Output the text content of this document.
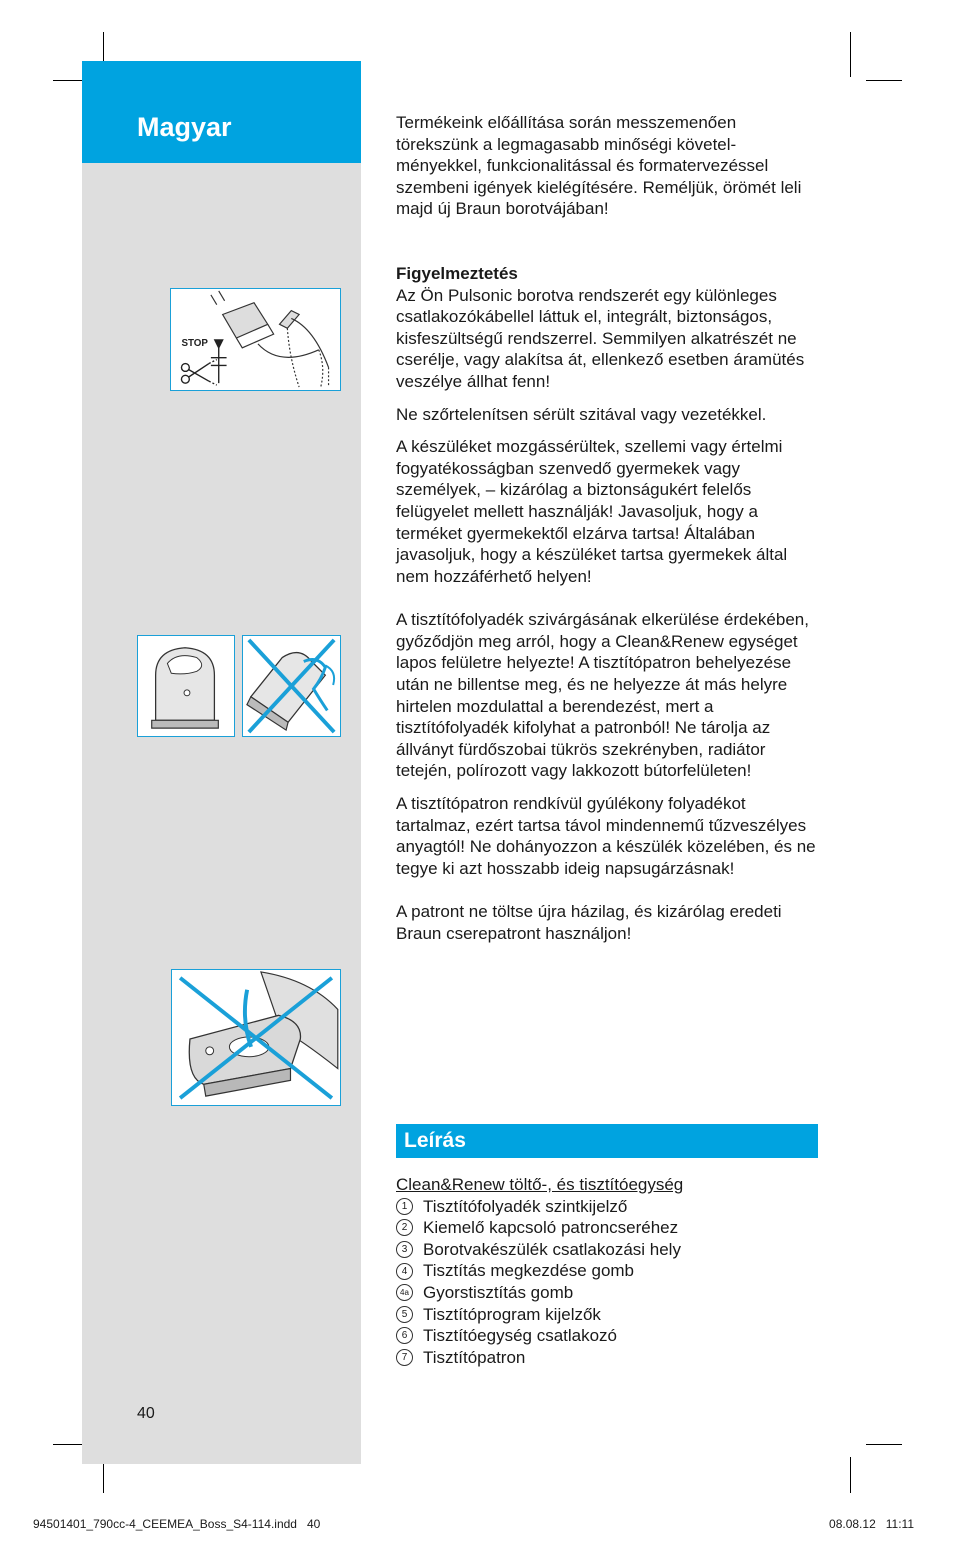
Magyar
STOP
40

Termékeink előállítása során messzemenően törekszünk a legmagasabb minőségi követel-ményekkel, funkcionalitással és formatervezéssel szembeni igények kielégítésére. Reméljük, örömét leli majd új Braun borotvájában!

Figyelmeztetés
Az Ön Pulsonic borotva rendszerét egy különleges csatlakozókábellel láttuk el, integrált, biztonságos, kisfeszültségű rendszerrel. Semmilyen alkatrészét ne cserélje, vagy alakítsa át, ellenkező esetben áramütés veszélye állhat fenn!

Ne szőrtelenítsen sérült szitával vagy vezetékkel.

A készüléket mozgássérültek, szellemi vagy értelmi fogyatékosságban szenvedő gyermekek vagy személyek, – kizárólag a biztonságukért felelős felügyelet mellett használják! Javasoljuk, hogy a terméket gyermekektől elzárva tartsa! Általában javasoljuk, hogy a készüléket tartsa gyermekek által nem hozzáférhető helyen!

A tisztítófolyadék szivárgásának elkerülése érdekében, győződjön meg arról, hogy a Clean&Renew egységet lapos felületre helyezte! A tisztítópatron behelyezése után ne billentse meg, és ne helyezze át más helyre hirtelen mozdulattal a berendezést, mert a tisztítófolyadék kifolyhat a patronból! Ne tárolja az állványt fürdőszobai tükrös szekrényben, radiátor tetején, polírozott vagy lakkozott bútorfelületen!

A tisztítópatron rendkívül gyúlékony folyadékot tartalmaz, ezért tartsa távol mindennemű tűzveszélyes anyagtól! Ne dohányozzon a készülék közelében, és ne tegye ki azt hosszabb ideig napsugárzásnak!

A patront ne töltse újra házilag, és kizárólag eredeti Braun cserepatront használjon!

Leírás
Clean&Renew töltő-, és tisztítóegység
1 Tisztítófolyadék szintkijelző
2 Kiemelő kapcsoló patroncseréhez
3 Borotvakészülék csatlakozási hely
4 Tisztítás megkezdése gomb
4a Gyorstisztítás gomb
5 Tisztítóprogram kijelzők
6 Tisztítóegység csatlakozó
7 Tisztítópatron
94501401_790cc-4_CEEMEA_Boss_S4-114.indd   40	08.08.12   11:11
